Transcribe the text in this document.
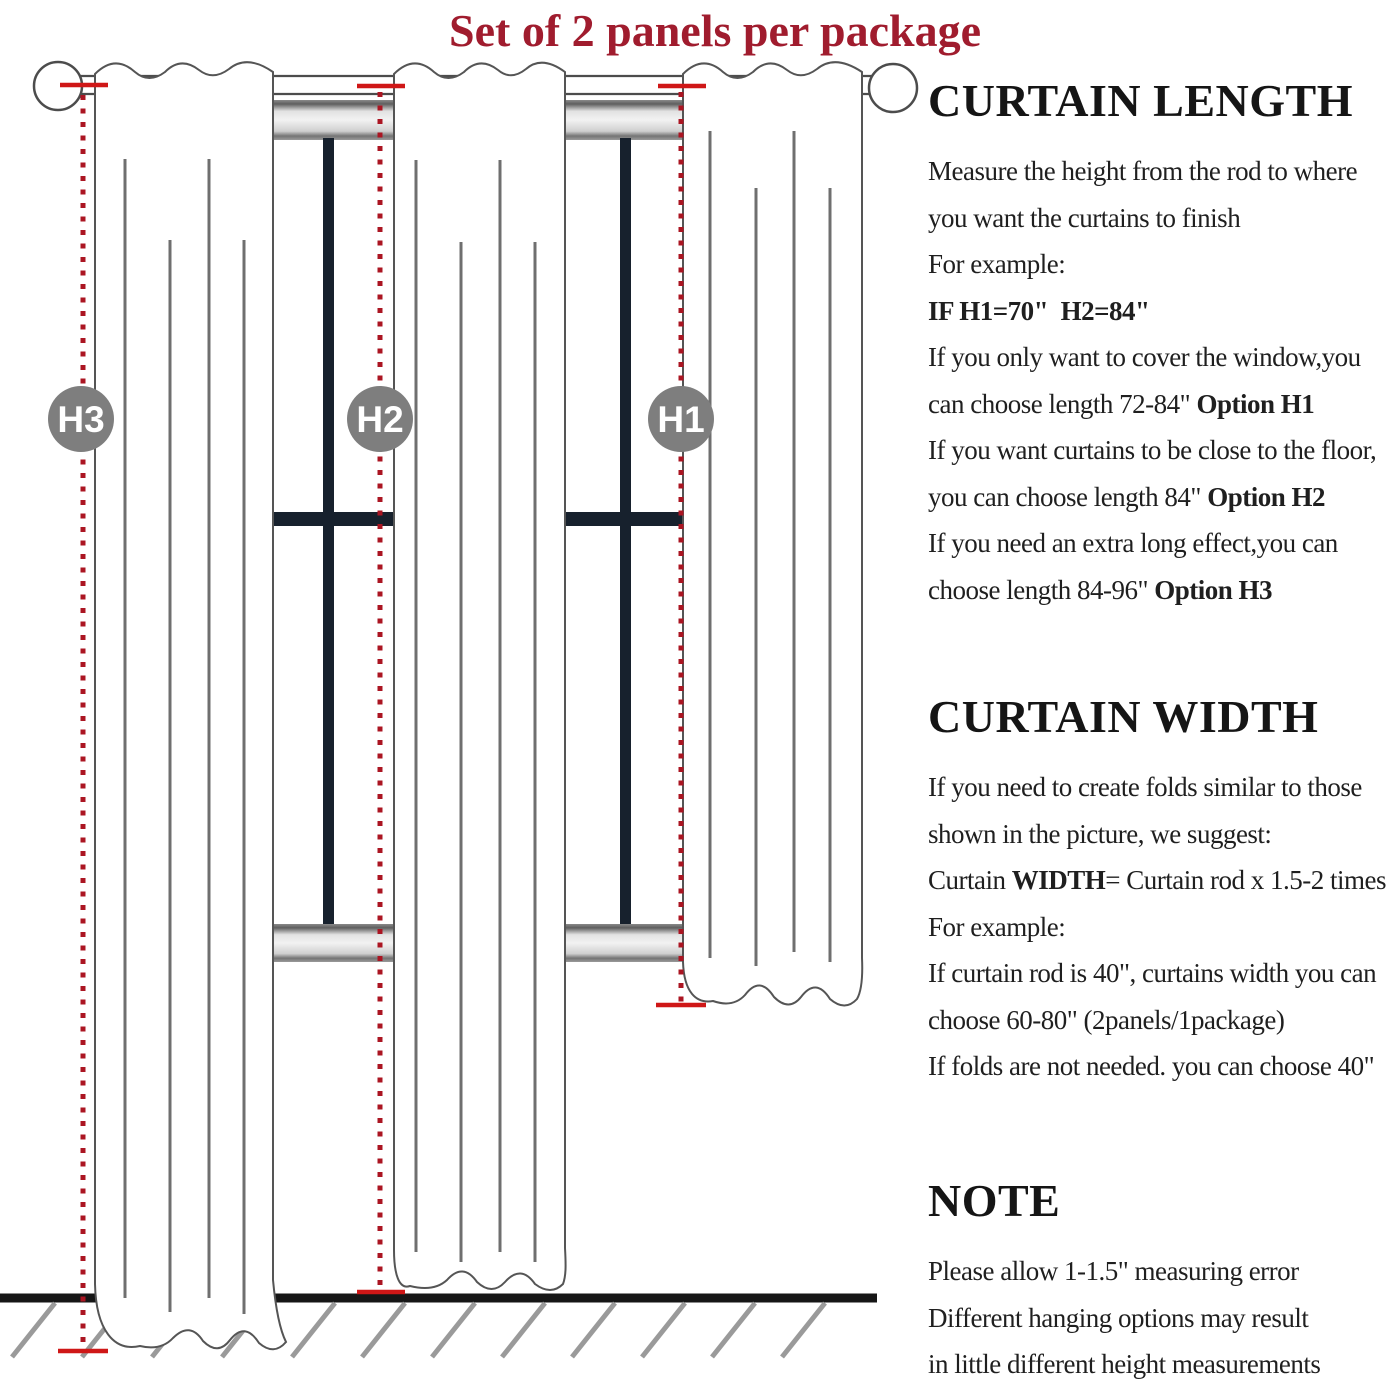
Set of 2 panels per package
H3	H2	H1
CURTAIN LENGTH
Measure the height from the rod to where
you want the curtains to finish
For example:
IF H1=70"  H2=84"
If you only want to cover the window,you
can choose length 72-84" Option H1
If you want curtains to be close to the floor,
you can choose length 84" Option H2
If you need an extra long effect,you can
choose length 84-96" Option H3
CURTAIN WIDTH
If you need to create folds similar to those
shown in the picture, we suggest:
Curtain WIDTH= Curtain rod x 1.5-2 times
For example:
If curtain rod is 40", curtains width you can
choose 60-80" (2panels/1package)
If folds are not needed. you can choose 40"
NOTE
Please allow 1-1.5" measuring error
Different hanging options may result
in little different height measurements
